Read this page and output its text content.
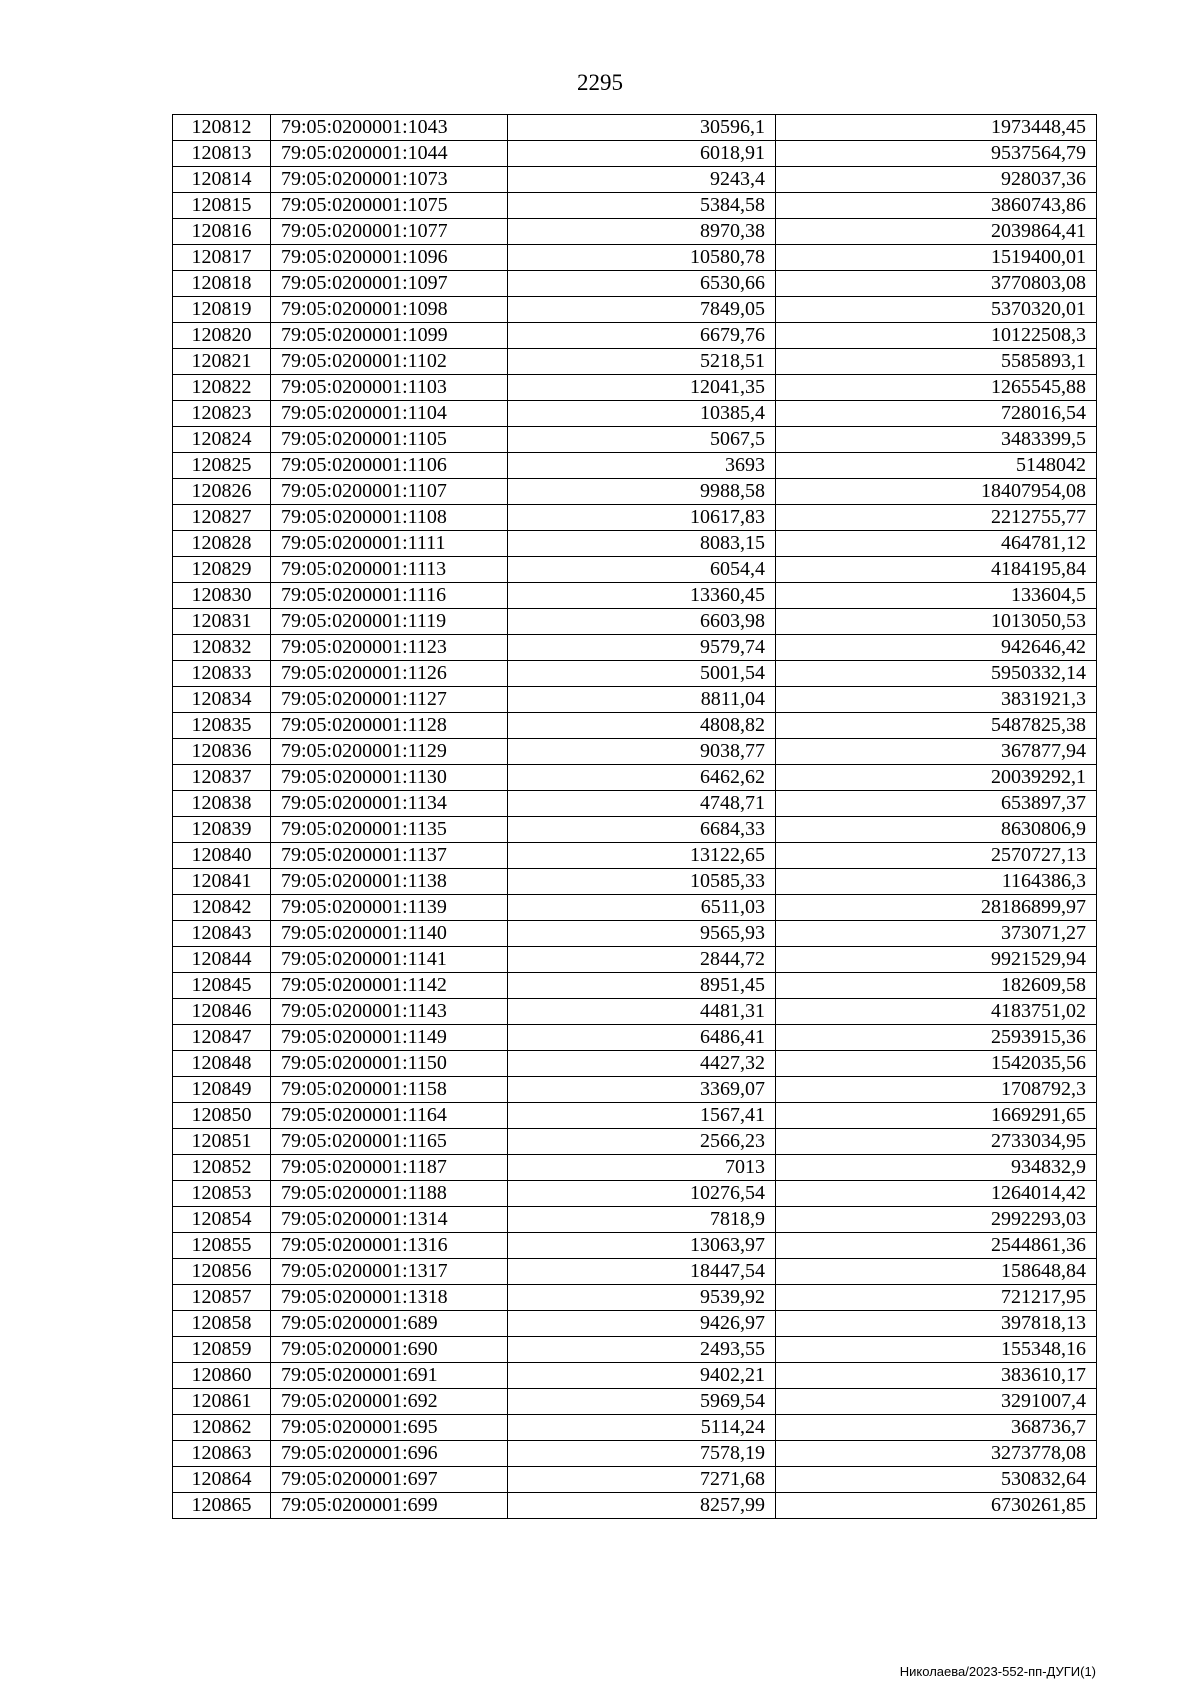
2295
120812	79:05:0200001:1043	30596,1	1973448,45
120813	79:05:0200001:1044	6018,91	9537564,79
120814	79:05:0200001:1073	9243,4	928037,36
120815	79:05:0200001:1075	5384,58	3860743,86
120816	79:05:0200001:1077	8970,38	2039864,41
120817	79:05:0200001:1096	10580,78	1519400,01
120818	79:05:0200001:1097	6530,66	3770803,08
120819	79:05:0200001:1098	7849,05	5370320,01
120820	79:05:0200001:1099	6679,76	10122508,3
120821	79:05:0200001:1102	5218,51	5585893,1
120822	79:05:0200001:1103	12041,35	1265545,88
120823	79:05:0200001:1104	10385,4	728016,54
120824	79:05:0200001:1105	5067,5	3483399,5
120825	79:05:0200001:1106	3693	5148042
120826	79:05:0200001:1107	9988,58	18407954,08
120827	79:05:0200001:1108	10617,83	2212755,77
120828	79:05:0200001:1111	8083,15	464781,12
120829	79:05:0200001:1113	6054,4	4184195,84
120830	79:05:0200001:1116	13360,45	133604,5
120831	79:05:0200001:1119	6603,98	1013050,53
120832	79:05:0200001:1123	9579,74	942646,42
120833	79:05:0200001:1126	5001,54	5950332,14
120834	79:05:0200001:1127	8811,04	3831921,3
120835	79:05:0200001:1128	4808,82	5487825,38
120836	79:05:0200001:1129	9038,77	367877,94
120837	79:05:0200001:1130	6462,62	20039292,1
120838	79:05:0200001:1134	4748,71	653897,37
120839	79:05:0200001:1135	6684,33	8630806,9
120840	79:05:0200001:1137	13122,65	2570727,13
120841	79:05:0200001:1138	10585,33	1164386,3
120842	79:05:0200001:1139	6511,03	28186899,97
120843	79:05:0200001:1140	9565,93	373071,27
120844	79:05:0200001:1141	2844,72	9921529,94
120845	79:05:0200001:1142	8951,45	182609,58
120846	79:05:0200001:1143	4481,31	4183751,02
120847	79:05:0200001:1149	6486,41	2593915,36
120848	79:05:0200001:1150	4427,32	1542035,56
120849	79:05:0200001:1158	3369,07	1708792,3
120850	79:05:0200001:1164	1567,41	1669291,65
120851	79:05:0200001:1165	2566,23	2733034,95
120852	79:05:0200001:1187	7013	934832,9
120853	79:05:0200001:1188	10276,54	1264014,42
120854	79:05:0200001:1314	7818,9	2992293,03
120855	79:05:0200001:1316	13063,97	2544861,36
120856	79:05:0200001:1317	18447,54	158648,84
120857	79:05:0200001:1318	9539,92	721217,95
120858	79:05:0200001:689	9426,97	397818,13
120859	79:05:0200001:690	2493,55	155348,16
120860	79:05:0200001:691	9402,21	383610,17
120861	79:05:0200001:692	5969,54	3291007,4
120862	79:05:0200001:695	5114,24	368736,7
120863	79:05:0200001:696	7578,19	3273778,08
120864	79:05:0200001:697	7271,68	530832,64
120865	79:05:0200001:699	8257,99	6730261,85
Николаева/2023-552-пп-ДУГИ(1)
